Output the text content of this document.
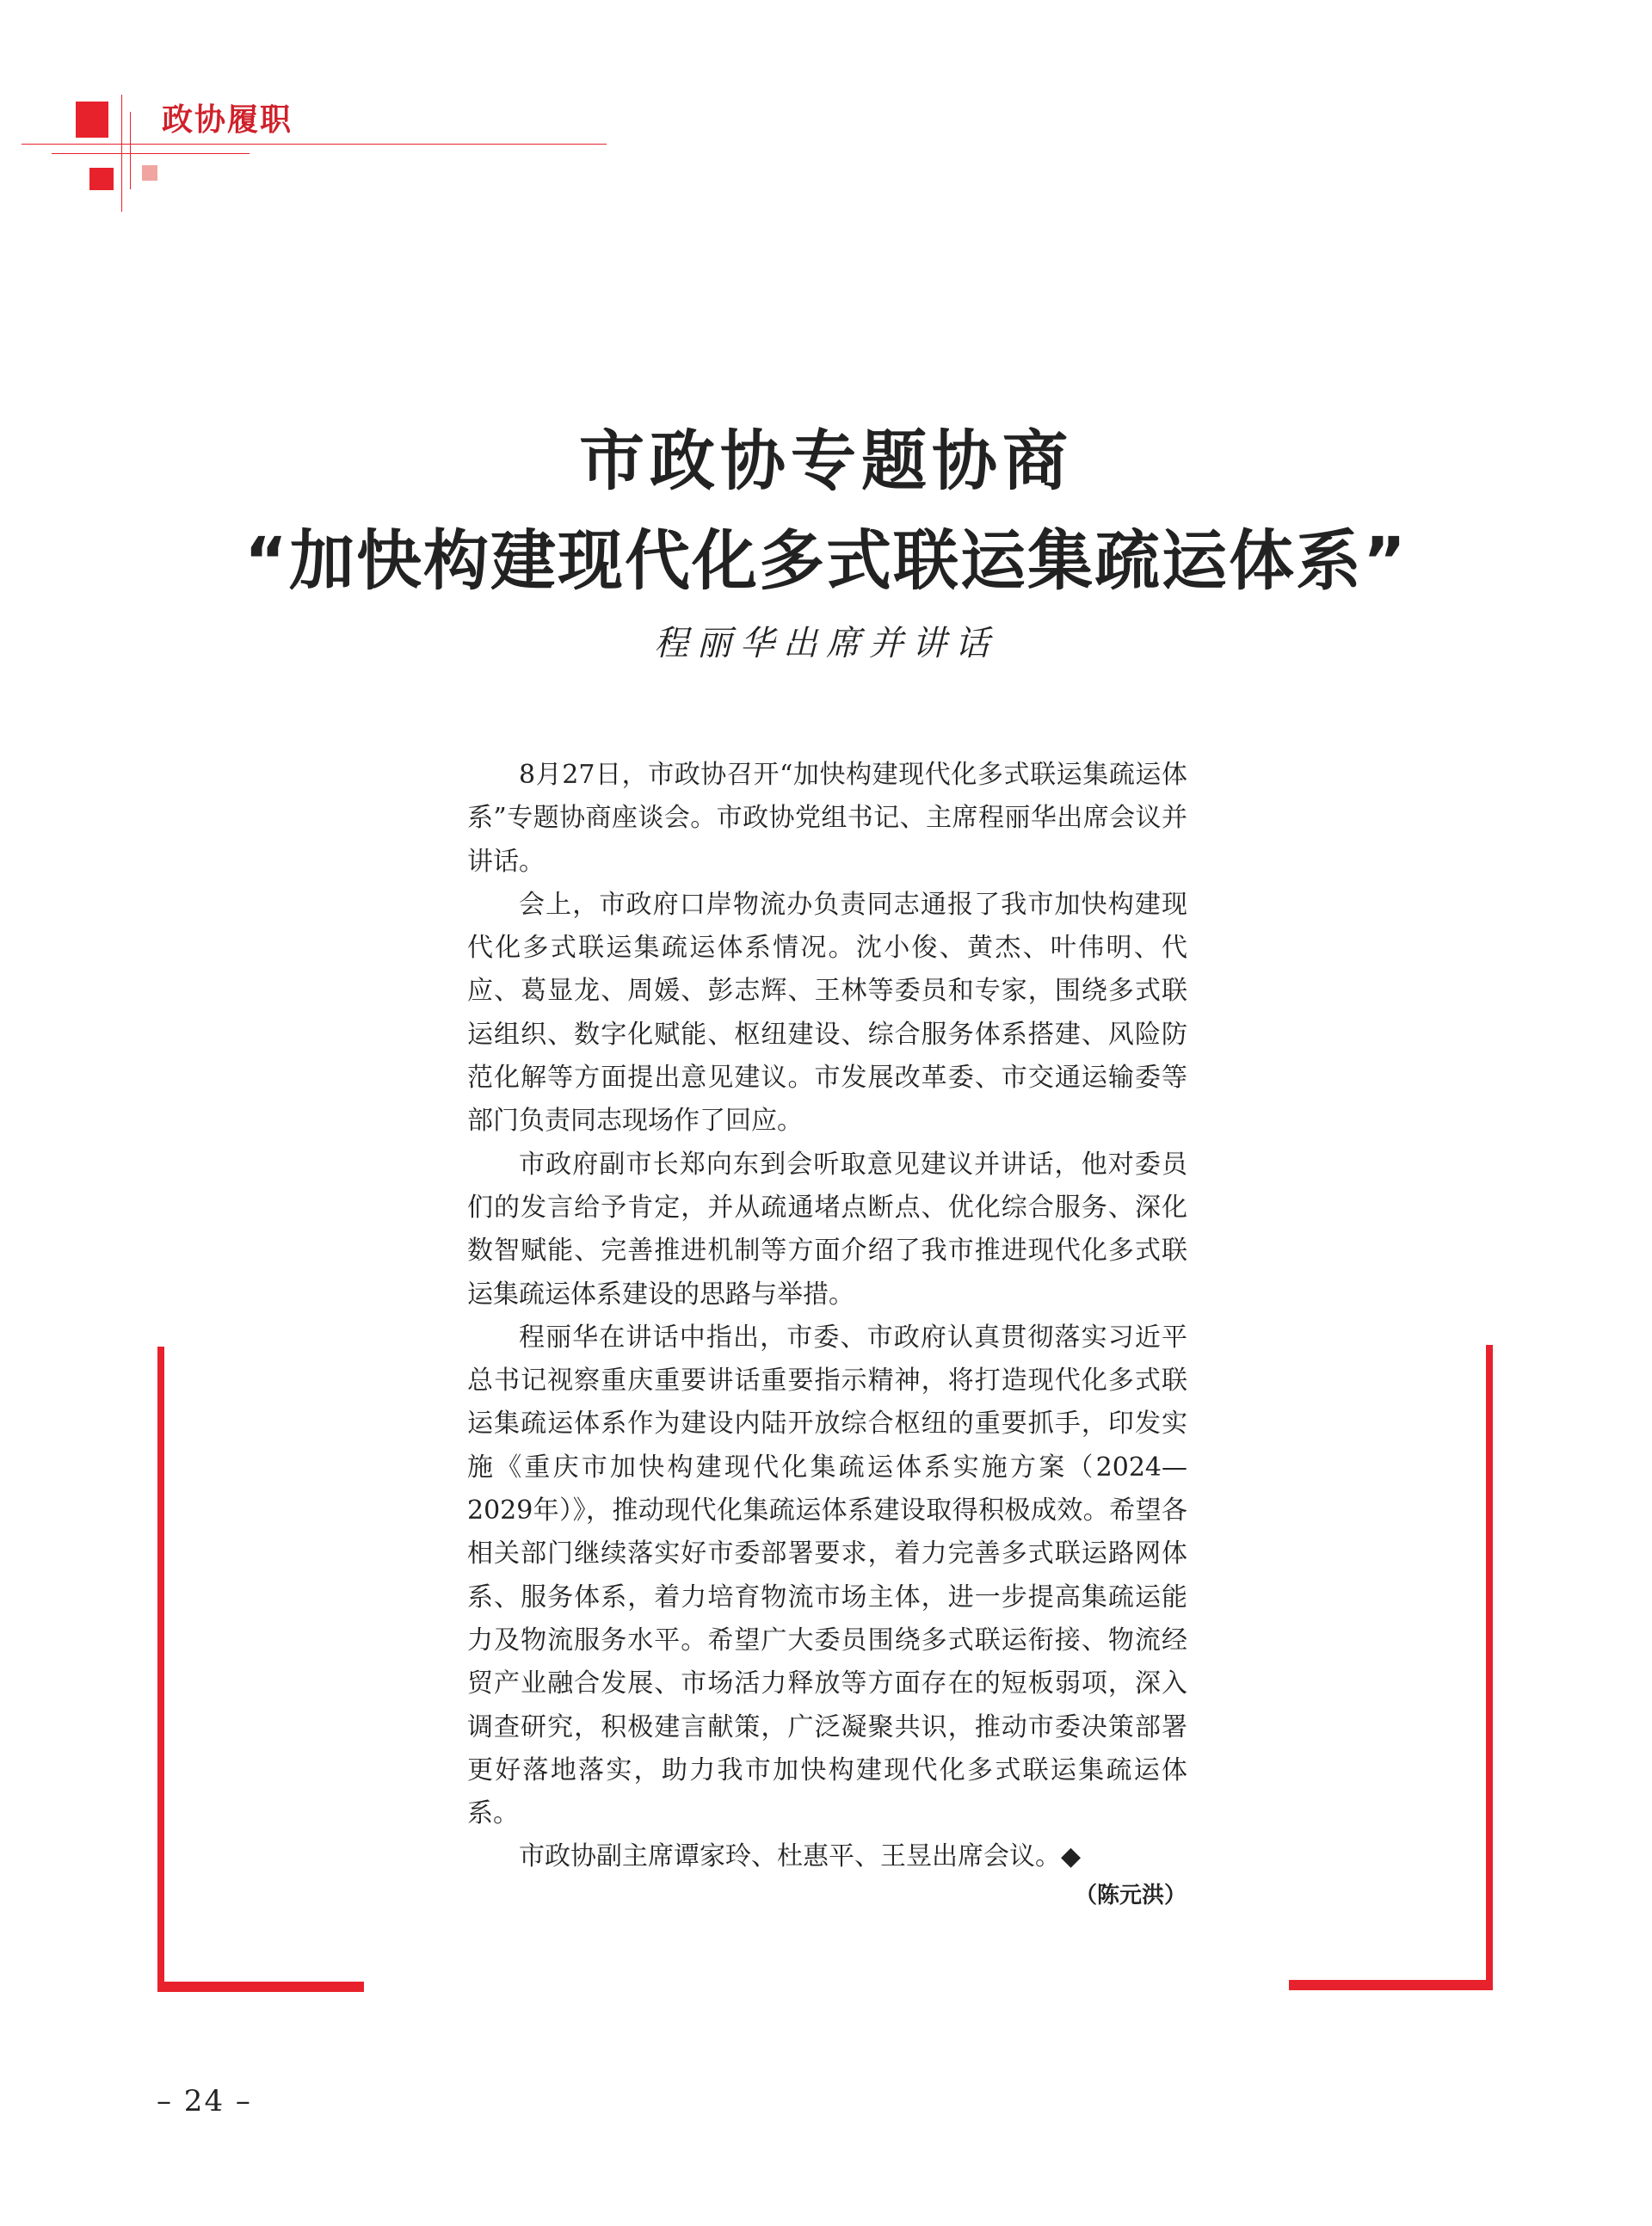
政协履职
市政协专题协商
“加快构建现代化多式联运集疏运体系”
程丽华出席并讲话

8月27日，市政协召开“加快构建现代化多式联运集疏运体系”专题协商座谈会。市政协党组书记、主席程丽华出席会议并讲话。

会上，市政府口岸物流办负责同志通报了我市加快构建现代化多式联运集疏运体系情况。沈小俊、黄杰、叶伟明、代应、葛显龙、周媛、彭志辉、王林等委员和专家，围绕多式联运组织、数字化赋能、枢纽建设、综合服务体系搭建、风险防范化解等方面提出意见建议。市发展改革委、市交通运输委等部门负责同志现场作了回应。

市政府副市长郑向东到会听取意见建议并讲话，他对委员们的发言给予肯定，并从疏通堵点断点、优化综合服务、深化数智赋能、完善推进机制等方面介绍了我市推进现代化多式联运集疏运体系建设的思路与举措。

程丽华在讲话中指出，市委、市政府认真贯彻落实习近平总书记视察重庆重要讲话重要指示精神，将打造现代化多式联运集疏运体系作为建设内陆开放综合枢纽的重要抓手，印发实施《重庆市加快构建现代化集疏运体系实施方案（2024—2029年）》，推动现代化集疏运体系建设取得积极成效。希望各相关部门继续落实好市委部署要求，着力完善多式联运路网体系、服务体系，着力培育物流市场主体，进一步提高集疏运能力及物流服务水平。希望广大委员围绕多式联运衔接、物流经贸产业融合发展、市场活力释放等方面存在的短板弱项，深入调查研究，积极建言献策，广泛凝聚共识，推动市委决策部署更好落地落实，助力我市加快构建现代化多式联运集疏运体系。

市政协副主席谭家玲、杜惠平、王昱出席会议。◆

（陈元洪）
– 24 –
